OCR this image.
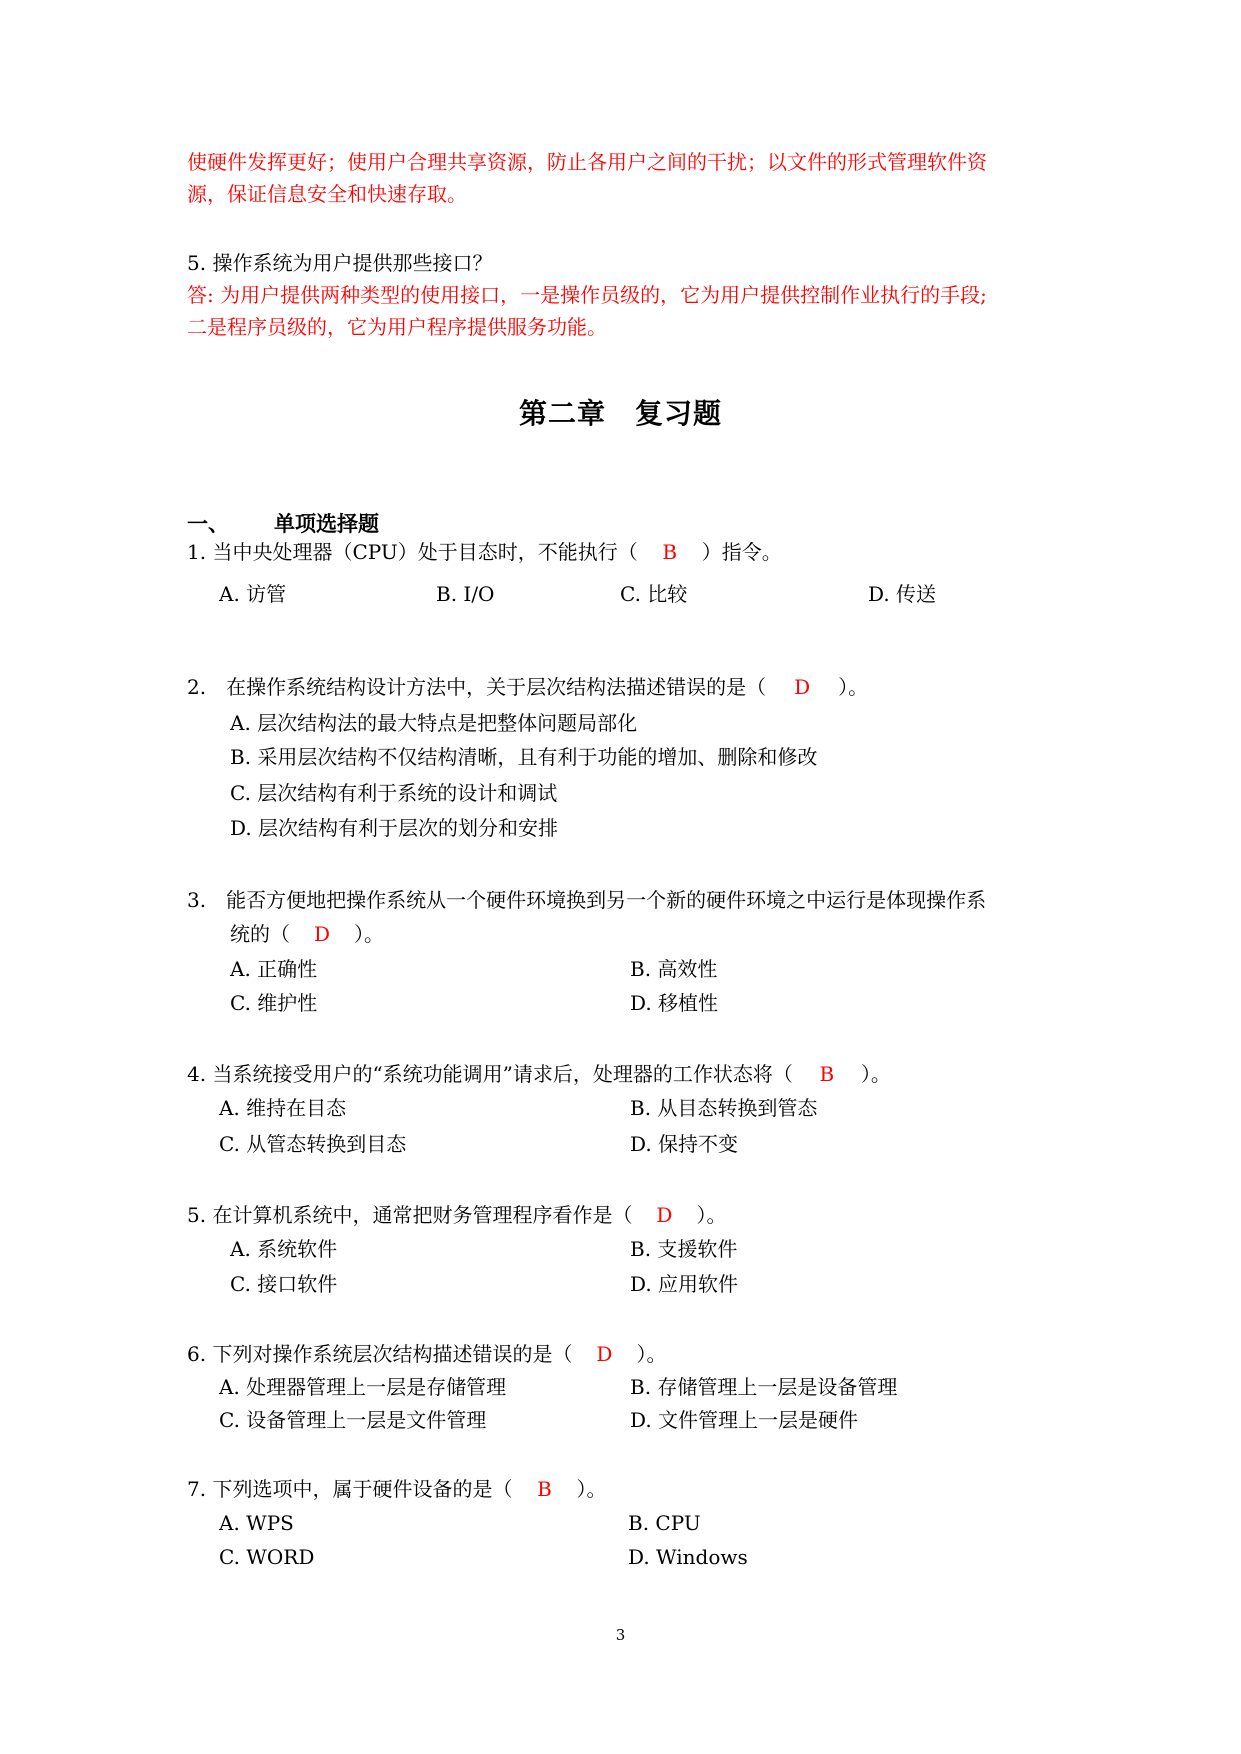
使硬件发挥更好；使用户合理共享资源，防止各用户之间的干扰；以文件的形式管理软件资
源，保证信息安全和快速存取。
5. 操作系统为用户提供那些接口？
答: 为用户提供两种类型的使用接口，一是操作员级的，它为用户提供控制作业执行的手段;
二是程序员级的，它为用户程序提供服务功能。
第二章　复习题
一、 单项选择题
1. 当中央处理器（CPU）处于目态时，不能执行（ B ）指令。
A. 访管	B. I/O	C. 比较	D. 传送
2.　在操作系统结构设计方法中，关于层次结构法描述错误的是（ D ）。
A. 层次结构法的最大特点是把整体问题局部化
B. 采用层次结构不仅结构清晰，且有利于功能的增加、删除和修改
C. 层次结构有利于系统的设计和调试
D. 层次结构有利于层次的划分和安排
3.　能否方便地把操作系统从一个硬件环境换到另一个新的硬件环境之中运行是体现操作系
统的（ D ）。
A. 正确性	B. 高效性
C. 维护性	D. 移植性
4. 当系统接受用户的“系统功能调用”请求后，处理器的工作状态将（ B ）。
A. 维持在目态	B. 从目态转换到管态
C. 从管态转换到目态	D. 保持不变
5. 在计算机系统中，通常把财务管理程序看作是（ D ）。
A. 系统软件	B. 支援软件
C. 接口软件	D. 应用软件
6. 下列对操作系统层次结构描述错误的是（ D ）。
A. 处理器管理上一层是存储管理	B. 存储管理上一层是设备管理
C. 设备管理上一层是文件管理	D. 文件管理上一层是硬件
7. 下列选项中，属于硬件设备的是（ B ）。
A. WPS	B. CPU
C. WORD	D. Windows
3
